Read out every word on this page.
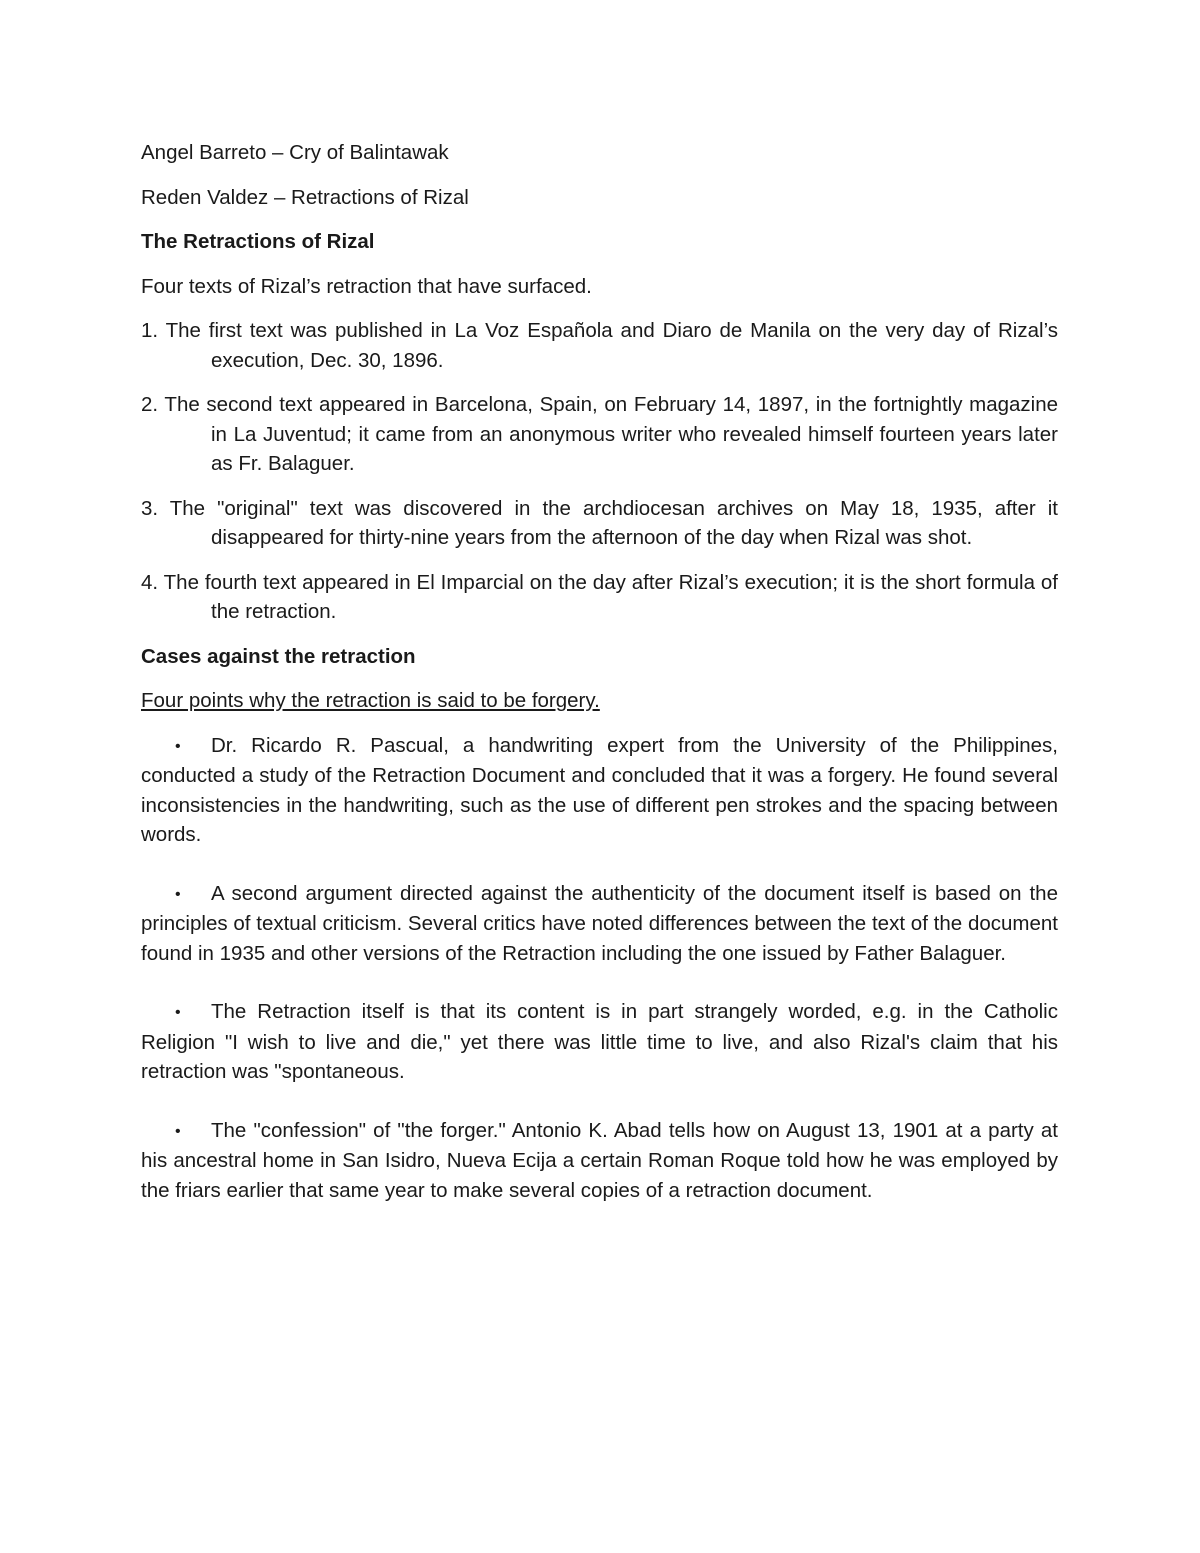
Angel Barreto – Cry of Balintawak

Reden Valdez – Retractions of Rizal

The Retractions of Rizal

Four texts of Rizal’s retraction that have surfaced.

1. The first text was published in La Voz Española and Diaro de Manila on the very day of Rizal’s execution, Dec. 30, 1896.
2. The second text appeared in Barcelona, Spain, on February 14, 1897, in the fortnightly magazine in La Juventud; it came from an anonymous writer who revealed himself fourteen years later as Fr. Balaguer.
3. The "original" text was discovered in the archdiocesan archives on May 18, 1935, after it disappeared for thirty-nine years from the afternoon of the day when Rizal was shot.
4. The fourth text appeared in El Imparcial on the day after Rizal’s execution; it is the short formula of the retraction.

Cases against the retraction

Four points why the retraction is said to be forgery.

• Dr. Ricardo R. Pascual, a handwriting expert from the University of the Philippines, conducted a study of the Retraction Document and concluded that it was a forgery. He found several inconsistencies in the handwriting, such as the use of different pen strokes and the spacing between words.

• A second argument directed against the authenticity of the document itself is based on the principles of textual criticism. Several critics have noted differences between the text of the document found in 1935 and other versions of the Retraction including the one issued by Father Balaguer.

• The Retraction itself is that its content is in part strangely worded, e.g. in the Catholic Religion "I wish to live and die," yet there was little time to live, and also Rizal's claim that his retraction was "spontaneous.

• The "confession" of "the forger." Antonio K. Abad tells how on August 13, 1901 at a party at his ancestral home in San Isidro, Nueva Ecija a certain Roman Roque told how he was employed by the friars earlier that same year to make several copies of a retraction document.
